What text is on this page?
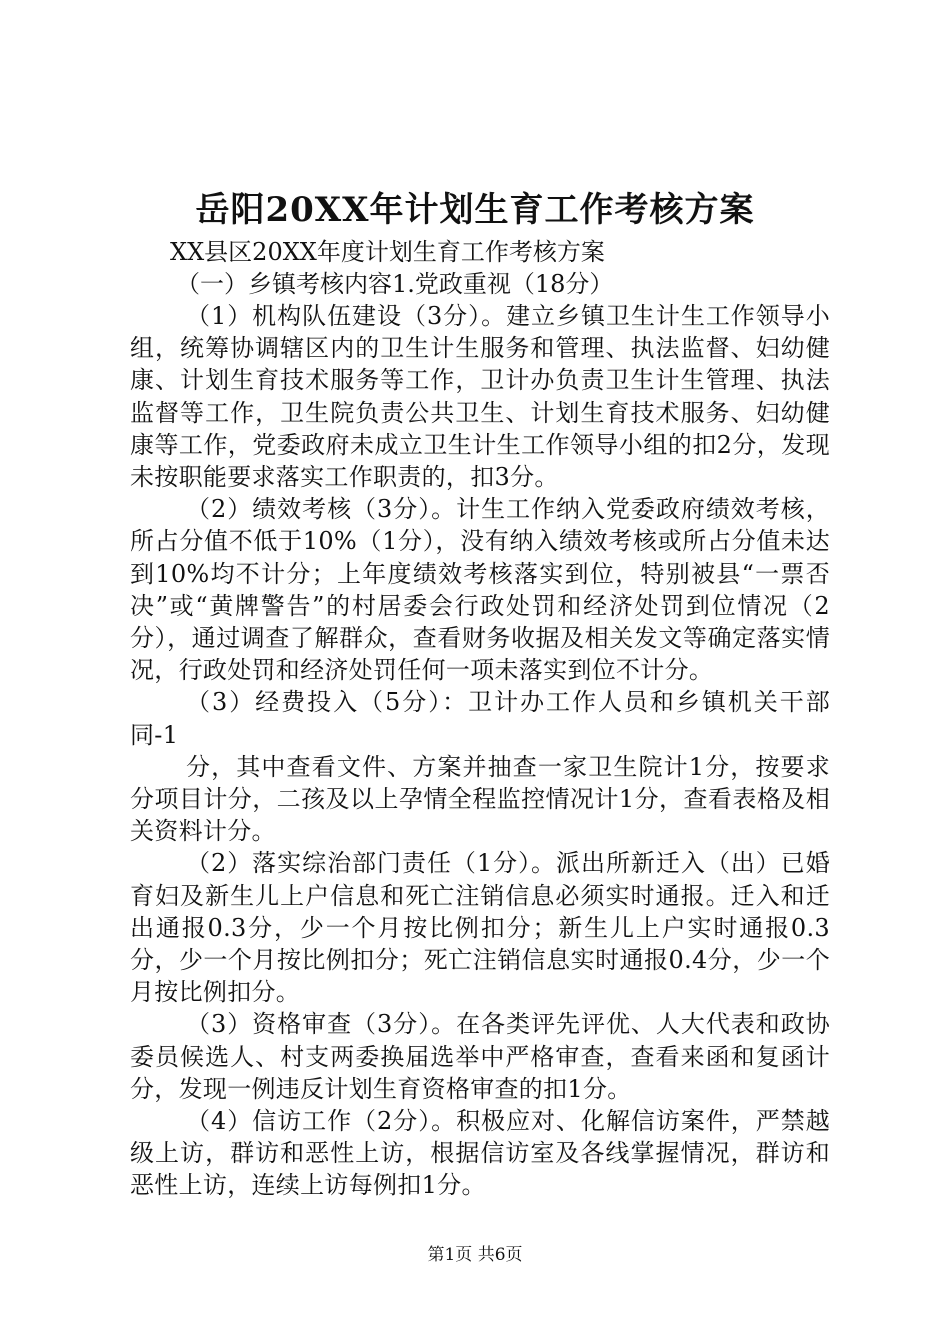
岳阳20XX年计划生育工作考核方案

XX县区20XX年度计划生育工作考核方案

（一）乡镇考核内容1.党政重视（18分）

（1）机构队伍建设（3分）。建立乡镇卫生计生工作领导小组，统筹协调辖区内的卫生计生服务和管理、执法监督、妇幼健康、计划生育技术服务等工作，卫计办负责卫生计生管理、执法监督等工作，卫生院负责公共卫生、计划生育技术服务、妇幼健康等工作，党委政府未成立卫生计生工作领导小组的扣2分，发现未按职能要求落实工作职责的，扣3分。

（2）绩效考核（3分）。计生工作纳入党委政府绩效考核，所占分值不低于10%（1分），没有纳入绩效考核或所占分值未达到10%均不计分；上年度绩效考核落实到位，特别被县“一票否决”或“黄牌警告”的村居委会行政处罚和经济处罚到位情况（2分），通过调查了解群众，查看财务收据及相关发文等确定落实情况，行政处罚和经济处罚任何一项未落实到位不计分。

（3）经费投入（5分）：卫计办工作人员和乡镇机关干部同-1

分，其中查看文件、方案并抽查一家卫生院计1分，按要求分项目计分，二孩及以上孕情全程监控情况计1分，查看表格及相关资料计分。

（2）落实综治部门责任（1分）。派出所新迁入（出）已婚育妇及新生儿上户信息和死亡注销信息必须实时通报。迁入和迁出通报0.3分，少一个月按比例扣分；新生儿上户实时通报0.3分，少一个月按比例扣分；死亡注销信息实时通报0.4分，少一个月按比例扣分。

（3）资格审查（3分）。在各类评先评优、人大代表和政协委员候选人、村支两委换届选举中严格审查，查看来函和复函计分，发现一例违反计划生育资格审查的扣1分。

（4）信访工作（2分）。积极应对、化解信访案件，严禁越级上访，群访和恶性上访，根据信访室及各线掌握情况，群访和恶性上访，连续上访每例扣1分。

第1页 共6页
